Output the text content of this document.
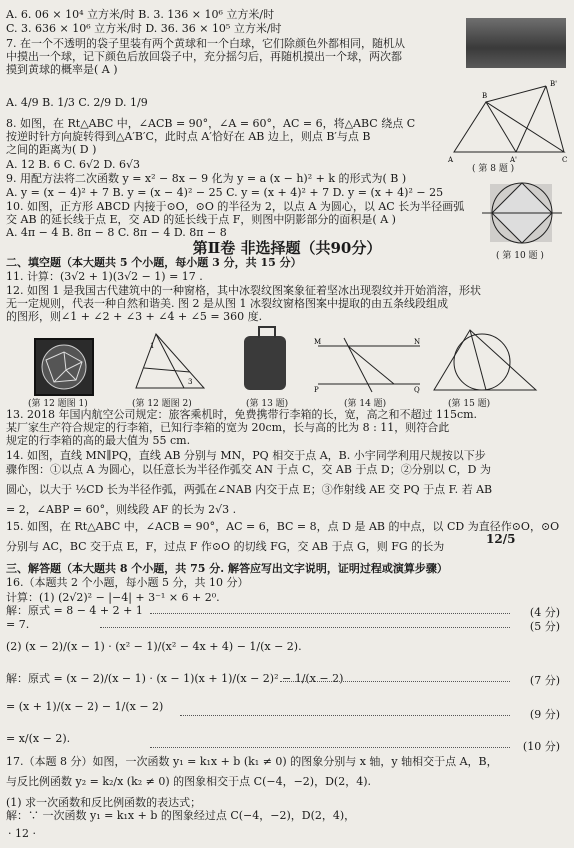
A. 6. 06 × 10⁴ 立方米/时 B. 3. 136 × 10⁶ 立方米/时
C. 3. 636 × 10⁶ 立方米/时 D. 36. 36 × 10⁵ 立方米/时
7. 在一个不透明的袋子里装有两个黄球和一个白球，它们除颜色外都相同，随机从
中摸出一个球，记下颜色后放回袋子中，充分摇匀后，再随机摸出一个球，两次都
摸到黄球的概率是( A )
A. 4/9 B. 1/3 C. 2/9 D. 1/9
8. 如图，在 Rt△ABC 中，∠ACB = 90°，∠A = 60°，AC = 6，将△ABC 绕点 C
按逆时针方向旋转得到△A′B′C，此时点 A′恰好在 AB 边上，则点 B′与点 B
之间的距离为( D )
A. 12 B. 6 C. 6√2 D. 6√3
9. 用配方法将二次函数 y = x² − 8x − 9 化为 y = a (x − h)² + k 的形式为( B )
A. y = (x − 4)² + 7 B. y = (x − 4)² − 25 C. y = (x + 4)² + 7 D. y = (x + 4)² − 25
10. 如图，正方形 ABCD 内接于⊙O，⊙O 的半径为 2，以点 A 为圆心，以 AC 长为半径画弧
交 AB 的延长线于点 E，交 AD 的延长线于点 F，则图中阴影部分的面积是( A )
A. 4π − 4 B. 8π − 8 C. 8π − 4 D. 8π − 8
二、填空题（本大题共 5 个小题，每小题 3 分，共 15 分）
11. 计算：(3√2 + 1)(3√2 − 1) = 17 .
12. 如图 1 是我国古代建筑中的一种窗格，其中冰裂纹图案象征着坚冰出现裂纹并开始消溶，形状
无一定规则，代表一种自然和谐美. 图 2 是从图 1 冰裂纹窗格图案中提取的由五条线段组成
的图形，则∠1 + ∠2 + ∠3 + ∠4 + ∠5 = 360 度.
13. 2018 年国内航空公司规定：旅客乘机时，免费携带行李箱的长，宽，高之和不超过 115cm.
某厂家生产符合规定的行李箱，已知行李箱的宽为 20cm，长与高的比为 8 : 11，则符合此
规定的行李箱的高的最大值为 55 cm.
14. 如图，直线 MN∥PQ，直线 AB 分别与 MN，PQ 相交于点 A，B. 小宇同学利用尺规按以下步
骤作图：①以点 A 为圆心，以任意长为半径作弧交 AN 于点 C，交 AB 于点 D；②分别以 C，D 为
圆心，以大于 ½CD 长为半径作弧，两弧在∠NAB 内交于点 E；③作射线 AE 交 PQ 于点 F. 若 AB
= 2，∠ABP = 60°，则线段 AF 的长为 2√3 .
15. 如图，在 Rt△ABC 中，∠ACB = 90°，AC = 6，BC = 8，点 D 是 AB 的中点，以 CD 为直径作⊙O，⊙O
分别与 AC，BC 交于点 E，F，过点 F 作⊙O 的切线 FG，交 AB 于点 G，则 FG 的长为
三、解答题（本大题共 8 个小题，共 75 分. 解答应写出文字说明，证明过程或演算步骤）
16.（本题共 2 个小题，每小题 5 分，共 10 分）
计算：(1) (2√2)² − |−4| + 3⁻¹ × 6 + 2⁰.
解：原式 = 8 − 4 + 2 + 1
= 7.
(2) (x − 2)/(x − 1) · (x² − 1)/(x² − 4x + 4) − 1/(x − 2).
解：原式 = (x − 2)/(x − 1) · (x − 1)(x + 1)/(x − 2)² − 1/(x − 2)
= (x + 1)/(x − 2) − 1/(x − 2)
= x/(x − 2).
17.（本题 8 分）如图，一次函数 y₁ = k₁x + b (k₁ ≠ 0) 的图象分别与 x 轴，y 轴相交于点 A，B，
与反比例函数 y₂ = k₂/x (k₂ ≠ 0) 的图象相交于点 C(−4，−2)，D(2，4).
(1) 求一次函数和反比例函数的表达式；
解：∵ 一次函数 y₁ = k₁x + b 的图象经过点 C(−4，−2)，D(2，4)，
第Ⅱ卷 非选择题（共90分）
12/5
(4 分)
(5 分)
(7 分)
(9 分)
(10 分)
A	C
B'
B
A'
( 第 8 题 )
( 第 10 题 )
(第 12 题图 1)
1
3
(第 12 题图 2)	(第 13 题)
M	N
P	Q
(第 14 题)	(第 15 题)
· 12 ·
